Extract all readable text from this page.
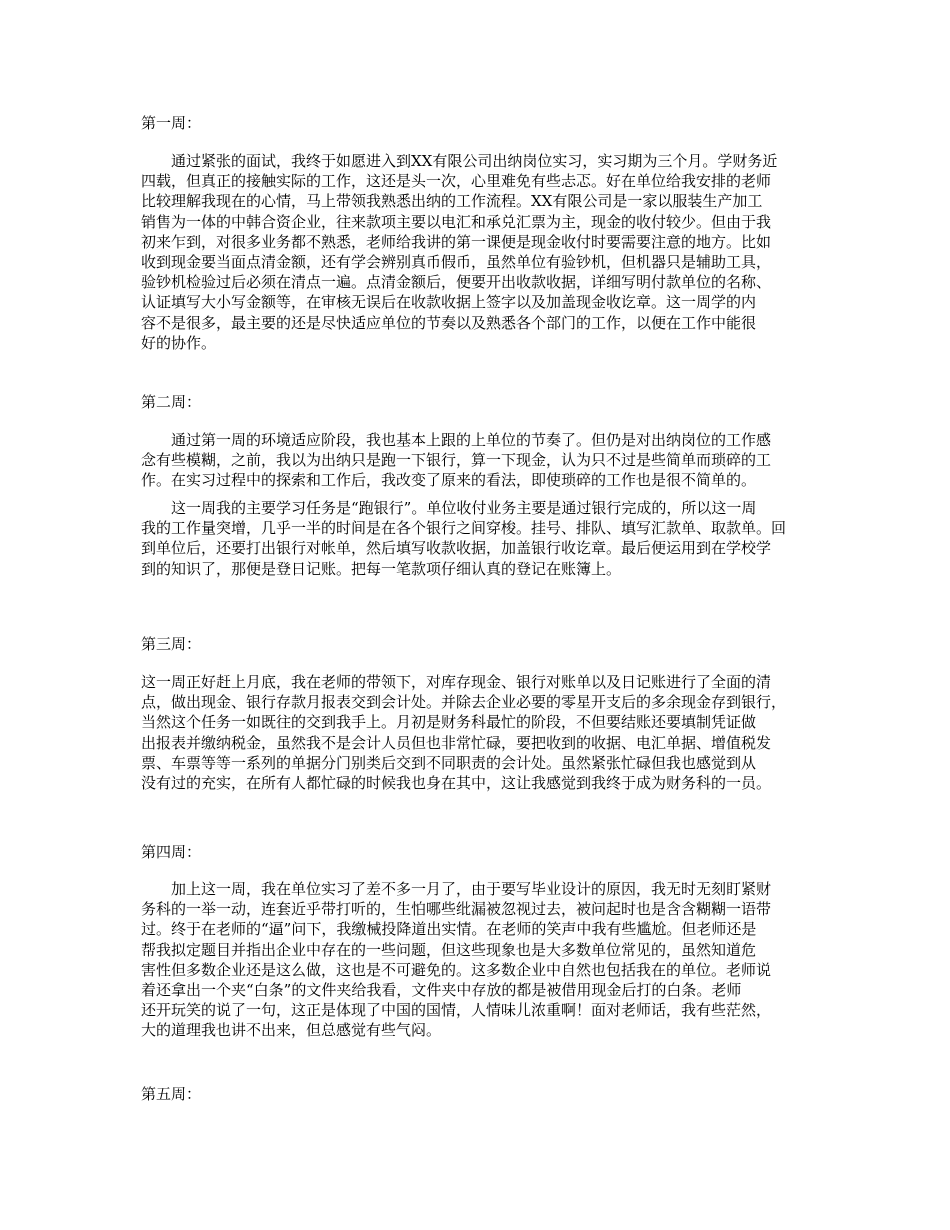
第一周：
通过紧张的面试，我终于如愿进入到XX有限公司出纳岗位实习，实习期为三个月。学财务近
四载，但真正的接触实际的工作，这还是头一次，心里难免有些忐忑。好在单位给我安排的老师
比较理解我现在的心情，马上带领我熟悉出纳的工作流程。XX有限公司是一家以服装生产加工
销售为一体的中韩合资企业，往来款项主要以电汇和承兑汇票为主，现金的收付较少。但由于我
初来乍到，对很多业务都不熟悉，老师给我讲的第一课便是现金收付时要需要注意的地方。比如
收到现金要当面点清金额，还有学会辨别真币假币，虽然单位有验钞机，但机器只是辅助工具，
验钞机检验过后必须在清点一遍。点清金额后，便要开出收款收据，详细写明付款单位的名称、
认证填写大小写金额等，在审核无误后在收款收据上签字以及加盖现金收讫章。这一周学的内
容不是很多，最主要的还是尽快适应单位的节奏以及熟悉各个部门的工作，以便在工作中能很
好的协作。
第二周：
通过第一周的环境适应阶段，我也基本上跟的上单位的节奏了。但仍是对出纳岗位的工作感
念有些模糊，之前，我以为出纳只是跑一下银行，算一下现金，认为只不过是些简单而琐碎的工
作。在实习过程中的探索和工作后，我改变了原来的看法，即使琐碎的工作也是很不简单的。
这一周我的主要学习任务是“跑银行”。单位收付业务主要是通过银行完成的，所以这一周
我的工作量突增，几乎一半的时间是在各个银行之间穿梭。挂号、排队、填写汇款单、取款单。回
到单位后，还要打出银行对帐单，然后填写收款收据，加盖银行收讫章。最后便运用到在学校学
到的知识了，那便是登日记账。把每一笔款项仔细认真的登记在账簿上。
第三周：
这一周正好赶上月底，我在老师的带领下，对库存现金、银行对账单以及日记账进行了全面的清
点，做出现金、银行存款月报表交到会计处。并除去企业必要的零星开支后的多余现金存到银行，
当然这个任务一如既往的交到我手上。月初是财务科最忙的阶段，不但要结账还要填制凭证做
出报表并缴纳税金，虽然我不是会计人员但也非常忙碌，要把收到的收据、电汇单据、增值税发
票、车票等等一系列的单据分门别类后交到不同职责的会计处。虽然紧张忙碌但我也感觉到从
没有过的充实，在所有人都忙碌的时候我也身在其中，这让我感觉到我终于成为财务科的一员。
第四周：
加上这一周，我在单位实习了差不多一月了，由于要写毕业设计的原因，我无时无刻盯紧财
务科的一举一动，连套近乎带打听的，生怕哪些纰漏被忽视过去，被问起时也是含含糊糊一语带
过。终于在老师的“逼”问下，我缴械投降道出实情。在老师的笑声中我有些尴尬。但老师还是
帮我拟定题目并指出企业中存在的一些问题，但这些现象也是大多数单位常见的，虽然知道危
害性但多数企业还是这么做，这也是不可避免的。这多数企业中自然也包括我在的单位。老师说
着还拿出一个夹“白条”的文件夹给我看，文件夹中存放的都是被借用现金后打的白条。老师
还开玩笑的说了一句，这正是体现了中国的国情，人情味儿浓重啊！面对老师话，我有些茫然，
大的道理我也讲不出来，但总感觉有些气闷。
第五周：
